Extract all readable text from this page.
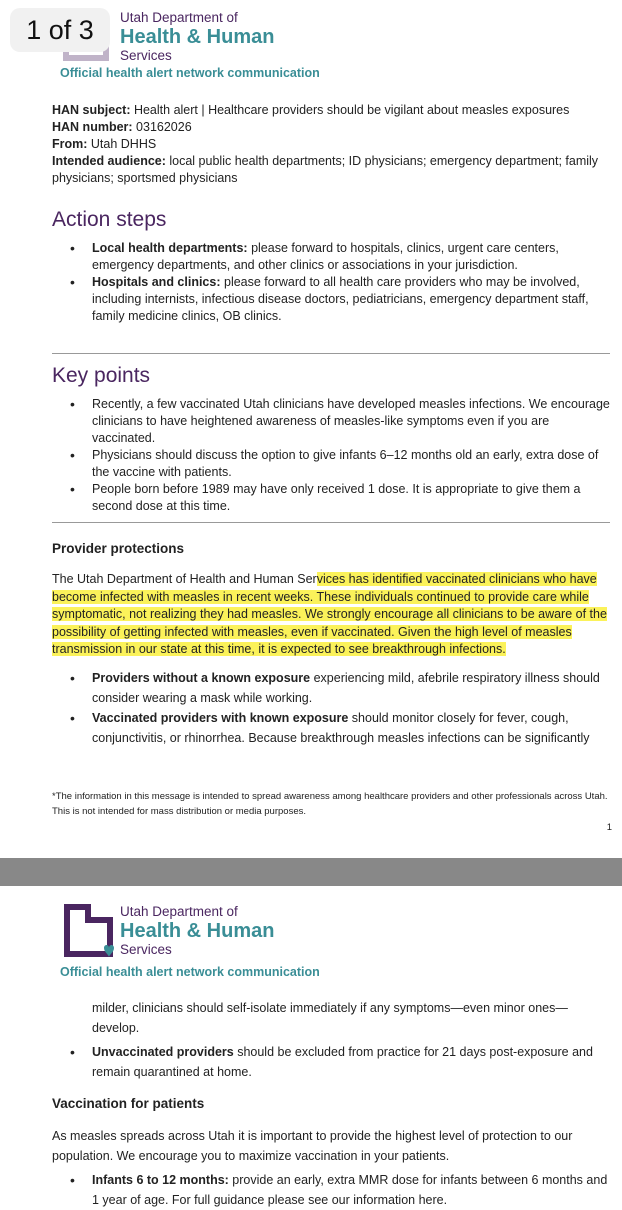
Utah Department of
Health & Human
Services
1 of 3
Official health alert network communication

HAN subject: Health alert | Healthcare providers should be vigilant about measles exposures

HAN number: 03162026

From: Utah DHHS

Intended audience: local public health departments; ID physicians; emergency department; family physicians; sportsmed physicians

Action steps
• Local health departments: please forward to hospitals, clinics, urgent care centers, emergency departments, and other clinics or associations in your jurisdiction.
• Hospitals and clinics: please forward to all health care providers who may be involved, including internists, infectious disease doctors, pediatricians, emergency department staff, family medicine clinics, OB clinics.
Key points
• Recently, a few vaccinated Utah clinicians have developed measles infections. We encourage clinicians to have heightened awareness of measles-like symptoms even if you are vaccinated.
• Physicians should discuss the option to give infants 6–12 months old an early, extra dose of the vaccine with patients.
• People born before 1989 may have only received 1 dose. It is appropriate to give them a second dose at this time.
Provider protections

The Utah Department of Health and Human Services has identified vaccinated clinicians who have become infected with measles in recent weeks. These individuals continued to provide care while symptomatic, not realizing they had measles. We strongly encourage all clinicians to be aware of the possibility of getting infected with measles, even if vaccinated. Given the high level of measles transmission in our state at this time, it is expected to see breakthrough infections.

• Providers without a known exposure experiencing mild, afebrile respiratory illness should consider wearing a mask while working.
• Vaccinated providers with known exposure should monitor closely for fever, cough, conjunctivitis, or rhinorrhea. Because breakthrough measles infections can be significantly

*The information in this message is intended to spread awareness among healthcare providers and other professionals across Utah. This is not intended for mass distribution or media purposes.

1
Utah Department of
Health & Human
Services
Official health alert network communication

milder, clinicians should self-isolate immediately if any symptoms—even minor ones—develop.

• Unvaccinated providers should be excluded from practice for 21 days post-exposure and remain quarantined at home.
Vaccination for patients

As measles spreads across Utah it is important to provide the highest level of protection to our population. We encourage you to maximize vaccination in your patients.

• Infants 6 to 12 months: provide an early, extra MMR dose for infants between 6 months and 1 year of age. For full guidance please see our information here.
